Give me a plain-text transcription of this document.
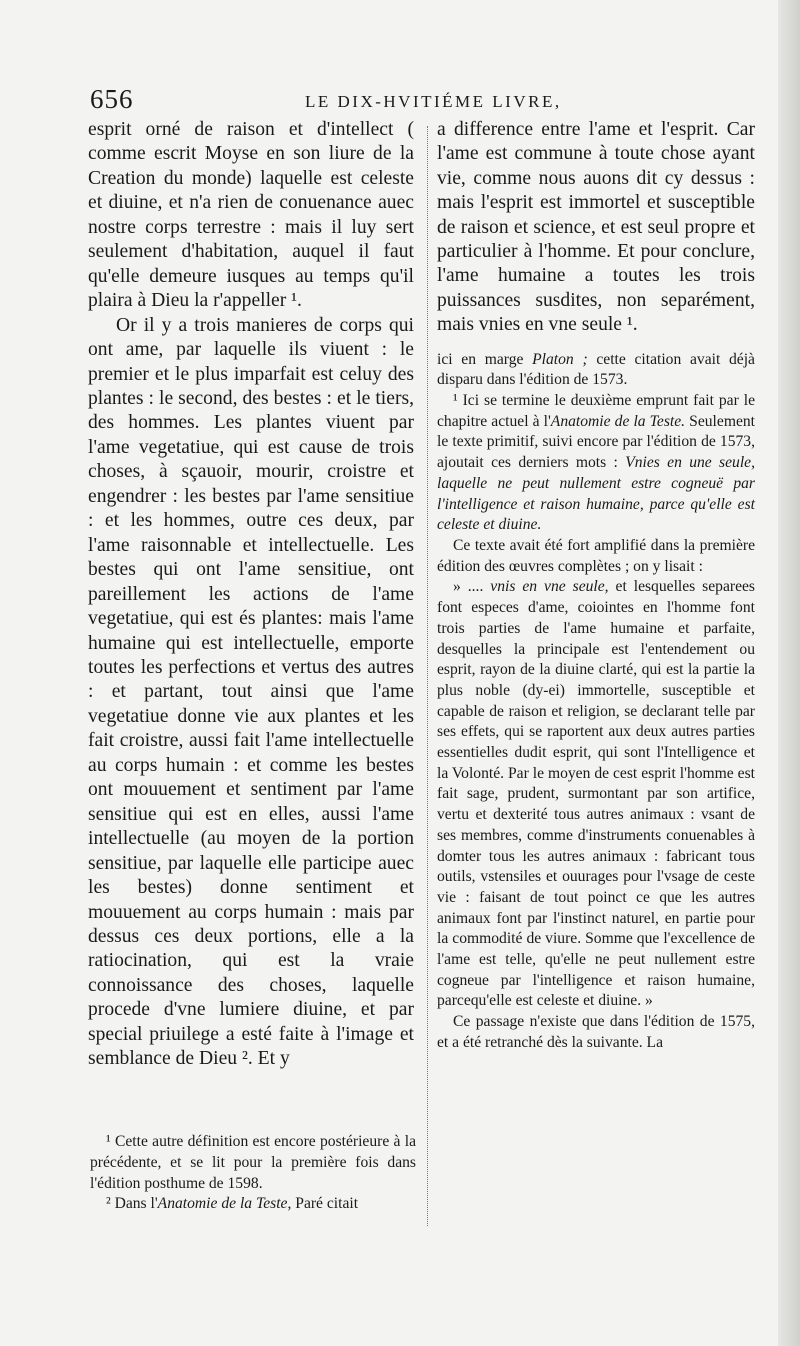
656	LE DIX-HVITIÉME LIVRE,

esprit orné de raison et d'intellect ( comme escrit Moyse en son liure de la Creation du monde) laquelle est celeste et diuine, et n'a rien de conuenance auec nostre corps terrestre : mais il luy sert seulement d'habitation, auquel il faut qu'elle demeure iusques au temps qu'il plaira à Dieu la r'appeller ¹.

Or il y a trois manieres de corps qui ont ame, par laquelle ils viuent : le premier et le plus imparfait est celuy des plantes : le second, des bestes : et le tiers, des hommes. Les plantes viuent par l'ame vegetatiue, qui est cause de trois choses, à sçauoir, mourir, croistre et engendrer : les bestes par l'ame sensitiue : et les hommes, outre ces deux, par l'ame raisonnable et intellectuelle. Les bestes qui ont l'ame sensitiue, ont pareillement les actions de l'ame vegetatiue, qui est és plantes: mais l'ame humaine qui est intellectuelle, emporte toutes les perfections et vertus des autres : et partant, tout ainsi que l'ame vegetatiue donne vie aux plantes et les fait croistre, aussi fait l'ame intellectuelle au corps humain : et comme les bestes ont mouuement et sentiment par l'ame sensitiue qui est en elles, aussi l'ame intellectuelle (au moyen de la portion sensitiue, par laquelle elle participe auec les bestes) donne sentiment et mouuement au corps humain : mais par dessus ces deux portions, elle a la ratiocination, qui est la vraie connoissance des choses, laquelle procede d'vne lumiere diuine, et par special priuilege a esté faite à l'image et semblance de Dieu ². Et y

a difference entre l'ame et l'esprit. Car l'ame est commune à toute chose ayant vie, comme nous auons dit cy dessus : mais l'esprit est immortel et susceptible de raison et science, et est seul propre et particulier à l'homme. Et pour conclure, l'ame humaine a toutes les trois puissances susdites, non separément, mais vnies en vne seule ¹.

ici en marge Platon ; cette citation avait déjà disparu dans l'édition de 1573.

¹ Ici se termine le deuxième emprunt fait par le chapitre actuel à l'Anatomie de la Teste. Seulement le texte primitif, suivi encore par l'édition de 1573, ajoutait ces derniers mots : Vnies en une seule, laquelle ne peut nullement estre cogneuë par l'intelligence et raison humaine, parce qu'elle est celeste et diuine.

Ce texte avait été fort amplifié dans la première édition des œuvres complètes ; on y lisait :

» .... vnis en vne seule, et lesquelles separees font especes d'ame, coiointes en l'homme font trois parties de l'ame humaine et parfaite, desquelles la principale est l'entendement ou esprit, rayon de la diuine clarté, qui est la partie la plus noble (dy-ei) immortelle, susceptible et capable de raison et religion, se declarant telle par ses effets, qui se raportent aux deux autres parties essentielles dudit esprit, qui sont l'Intelligence et la Volonté. Par le moyen de cest esprit l'homme est fait sage, prudent, surmontant par son artifice, vertu et dexterité tous autres animaux : vsant de ses membres, comme d'instruments conuenables à domter tous les autres animaux : fabricant tous outils, vstensiles et ouurages pour l'vsage de ceste vie : faisant de tout poinct ce que les autres animaux font par l'instinct naturel, en partie pour la commodité de viure. Somme que l'excellence de l'ame est telle, qu'elle ne peut nullement estre cogneue par l'intelligence et raison humaine, parcequ'elle est celeste et diuine. »

Ce passage n'existe que dans l'édition de 1575, et a été retranché dès la suivante. La

¹ Cette autre définition est encore postérieure à la précédente, et se lit pour la première fois dans l'édition posthume de 1598.

² Dans l'Anatomie de la Teste, Paré citait
